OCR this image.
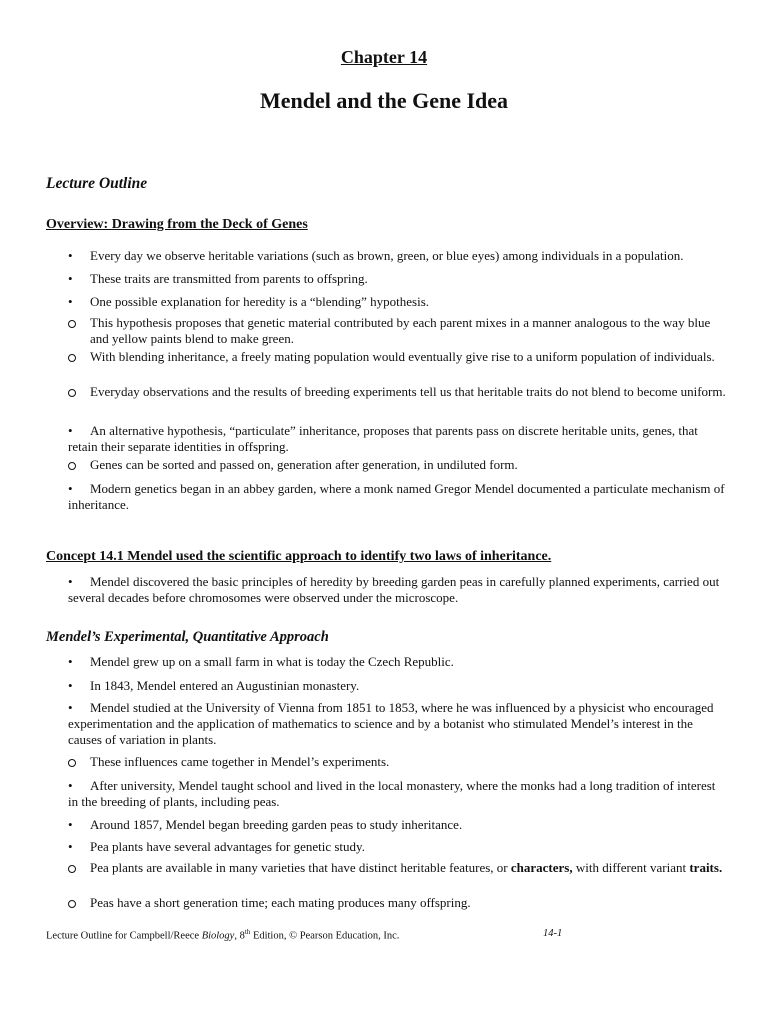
Chapter 14
Mendel and the Gene Idea
Lecture Outline
Overview: Drawing from the Deck of Genes
•	Every day we observe heritable variations (such as brown, green, or blue eyes) among individuals in a population.
•	These traits are transmitted from parents to offspring.
•	One possible explanation for heredity is a “blending” hypothesis.
This hypothesis proposes that genetic material contributed by each parent mixes in a manner analogous to the way blue and yellow paints blend to make green.
With blending inheritance, a freely mating population would eventually give rise to a uniform population of individuals.
Everyday observations and the results of breeding experiments tell us that heritable traits do not blend to become uniform.
•	An alternative hypothesis, “particulate” inheritance, proposes that parents pass on discrete heritable units, genes, that retain their separate identities in offspring.
Genes can be sorted and passed on, generation after generation, in undiluted form.
•	Modern genetics began in an abbey garden, where a monk named Gregor Mendel documented a particulate mechanism of inheritance.
Concept 14.1 Mendel used the scientific approach to identify two laws of inheritance.
•	Mendel discovered the basic principles of heredity by breeding garden peas in carefully planned experiments, carried out several decades before chromosomes were observed under the microscope.
Mendel’s Experimental, Quantitative Approach
•	Mendel grew up on a small farm in what is today the Czech Republic.
•	In 1843, Mendel entered an Augustinian monastery.
•	Mendel studied at the University of Vienna from 1851 to 1853, where he was influenced by a physicist who encouraged experimentation and the application of mathematics to science and by a botanist who stimulated Mendel’s interest in the causes of variation in plants.
These influences came together in Mendel’s experiments.
•	After university, Mendel taught school and lived in the local monastery, where the monks had a long tradition of interest in the breeding of plants, including peas.
•	Around 1857, Mendel began breeding garden peas to study inheritance.
•	Pea plants have several advantages for genetic study.
Pea plants are available in many varieties that have distinct heritable features, or characters, with different variant traits.
Peas have a short generation time; each mating produces many offspring.
Lecture Outline for Campbell/Reece Biology, 8th Edition, © Pearson Education, Inc.	14-1
